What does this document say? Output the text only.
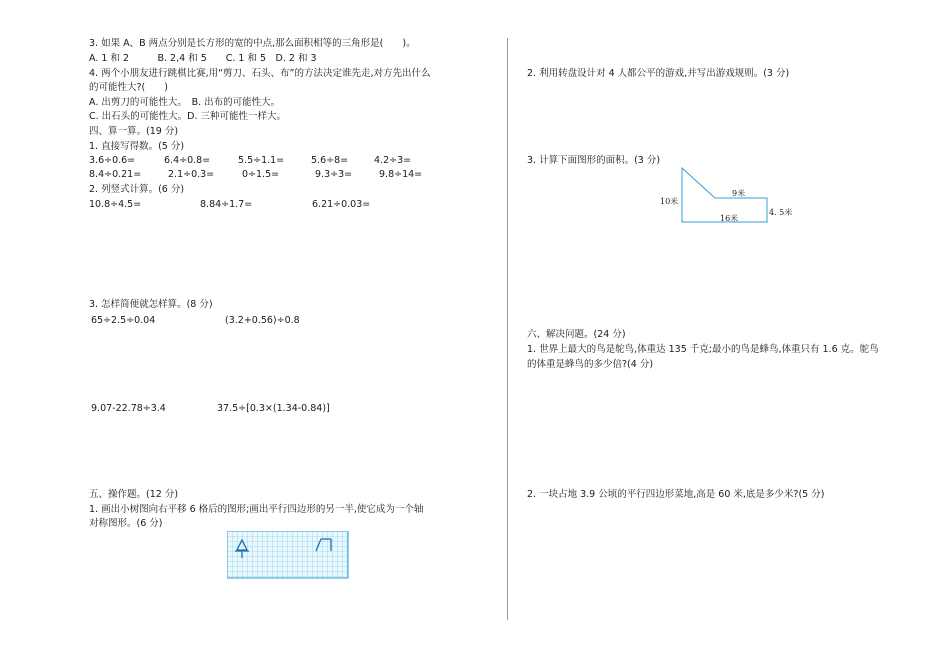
3. 如果 A、B 两点分别是长方形的宽的中点,那么面积相等的三角形是(　　)。
A. 1 和 2　　　B. 2,4 和 5　　C. 1 和 5　D. 2 和 3
4. 两个小朋友进行跳棋比赛,用“剪刀、石头、布”的方法决定谁先走,对方先出什么
的可能性大?(　　)
A. 出剪刀的可能性大。　B. 出布的可能性大。
C. 出石头的可能性大。D. 三种可能性一样大。
四、算一算。(19 分)
1. 直接写得数。(5 分)
3.6÷0.6=	6.4÷0.8=	5.5÷1.1=	5.6÷8=	4.2÷3=
8.4÷0.21=	2.1÷0.3=	0÷1.5=	9.3÷3=	9.8÷14=
2. 列竖式计算。(6 分)
10.8÷4.5=	8.84÷1.7=	6.21÷0.03=
3. 怎样简便就怎样算。(8 分)
65÷2.5÷0.04	(3.2+0.56)÷0.8
9.07-22.78÷3.4	37.5÷[0.3×(1.34-0.84)]
五、操作题。(12 分)
1. 画出小树图向右平移 6 格后的图形;画出平行四边形的另一半,使它成为一个轴
对称图形。(6 分)
2. 利用转盘设计对 4 人都公平的游戏,并写出游戏规则。(3 分)
3. 计算下面图形的面积。(3 分)
10米
9米
16米
4. 5米
六、解决问题。(24 分)
1. 世界上最大的鸟是鸵鸟,体重达 135 千克;最小的鸟是蜂鸟,体重只有 1.6 克。鸵鸟
的体重是蜂鸟的多少倍?(4 分)
2. 一块占地 3.9 公顷的平行四边形菜地,高是 60 米,底是多少米?(5 分)
